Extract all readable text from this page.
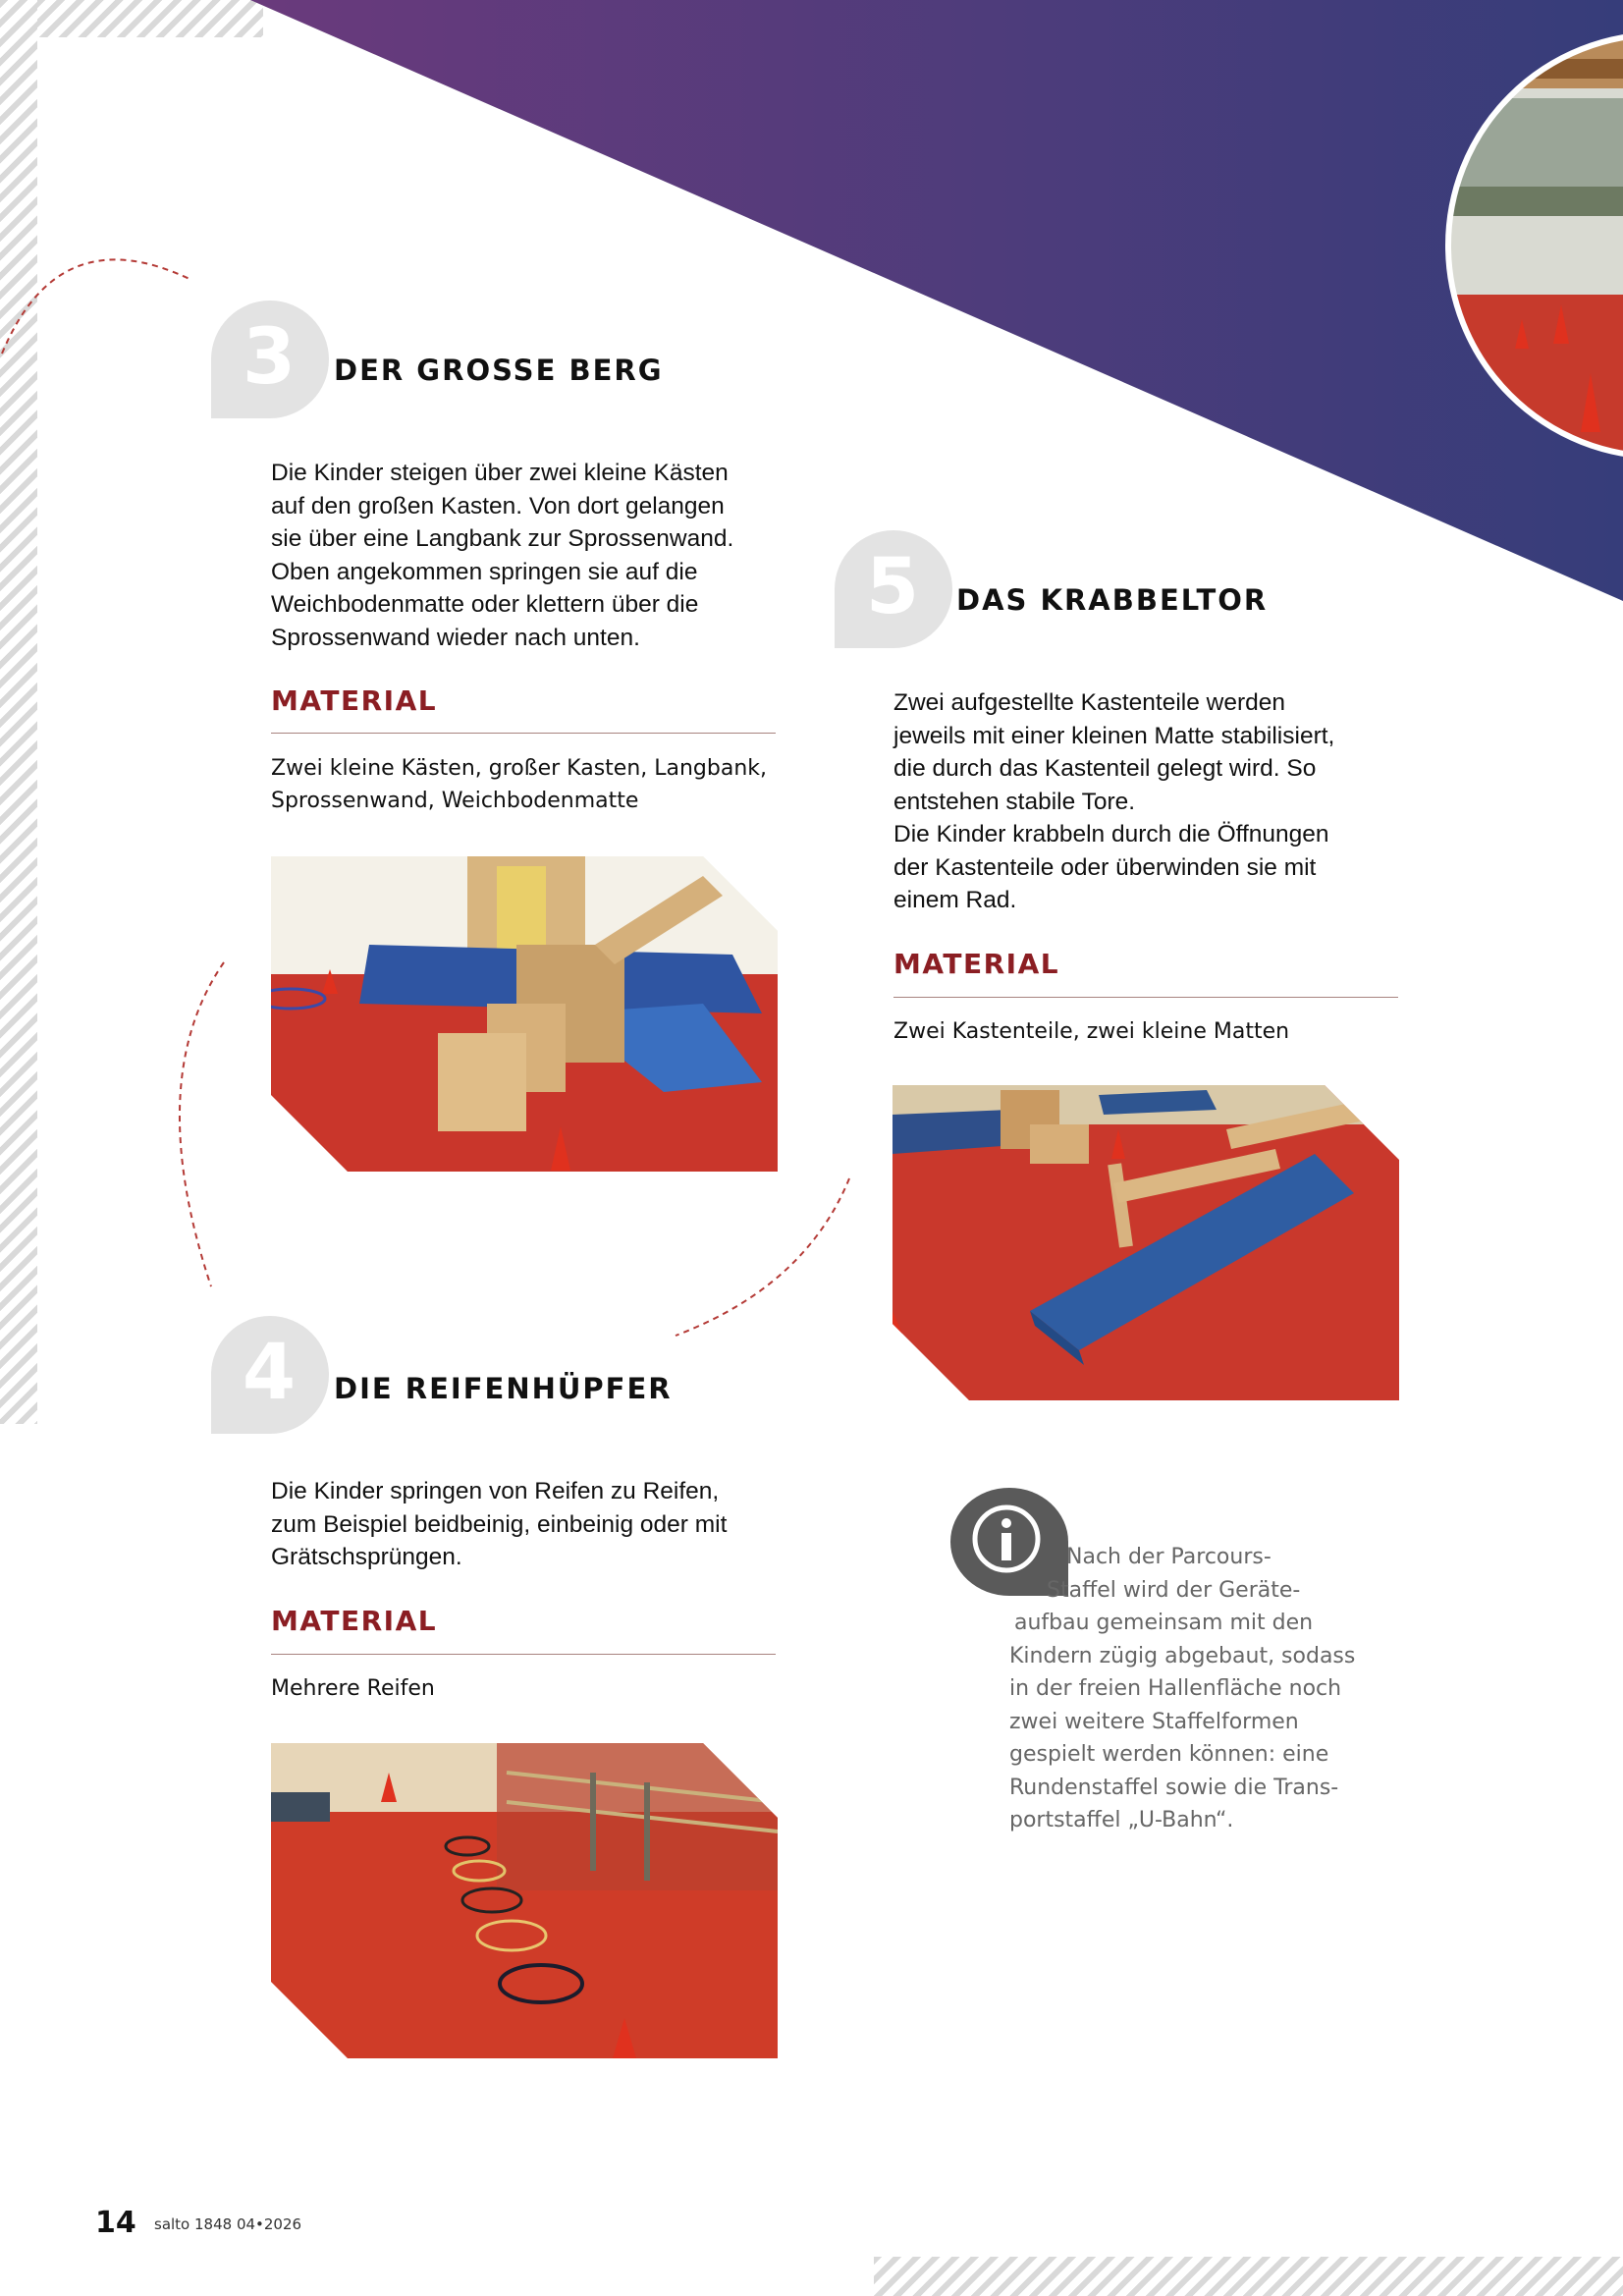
3	DER GROSSE BERG
Die Kinder steigen über zwei kleine Kästen
auf den großen Kasten. Von dort gelangen
sie über eine Langbank zur Sprossenwand.
Oben angekommen springen sie auf die
Weichbodenmatte oder klettern über die
Sprossenwand wieder nach unten.
MATERIAL
Zwei kleine Kästen, großer Kasten, Langbank,
Sprossenwand, Weichbodenmatte
4	DIE REIFENHÜPFER
Die Kinder springen von Reifen zu Reifen,
zum Beispiel beidbeinig, einbeinig oder mit
Grätschsprüngen.
MATERIAL
Mehrere Reifen
5	DAS KRABBELTOR
Zwei aufgestellte Kastenteile werden
jeweils mit einer kleinen Matte stabilisiert,
die durch das Kastenteil gelegt wird. So
entstehen stabile Tore.
Die Kinder krabbeln durch die Öffnungen
der Kastenteile oder überwinden sie mit
einem Rad.
MATERIAL
Zwei Kastenteile, zwei kleine Matten
Nach der Parcours-
Staffel wird der Geräte-
aufbau gemeinsam mit den
Kindern zügig abgebaut, sodass
in der freien Hallenfläche noch
zwei weitere Staffelformen
gespielt werden können: eine
Rundenstaffel sowie die Trans-
portstaffel „U-Bahn“.
14 salto 1848 04•2026
